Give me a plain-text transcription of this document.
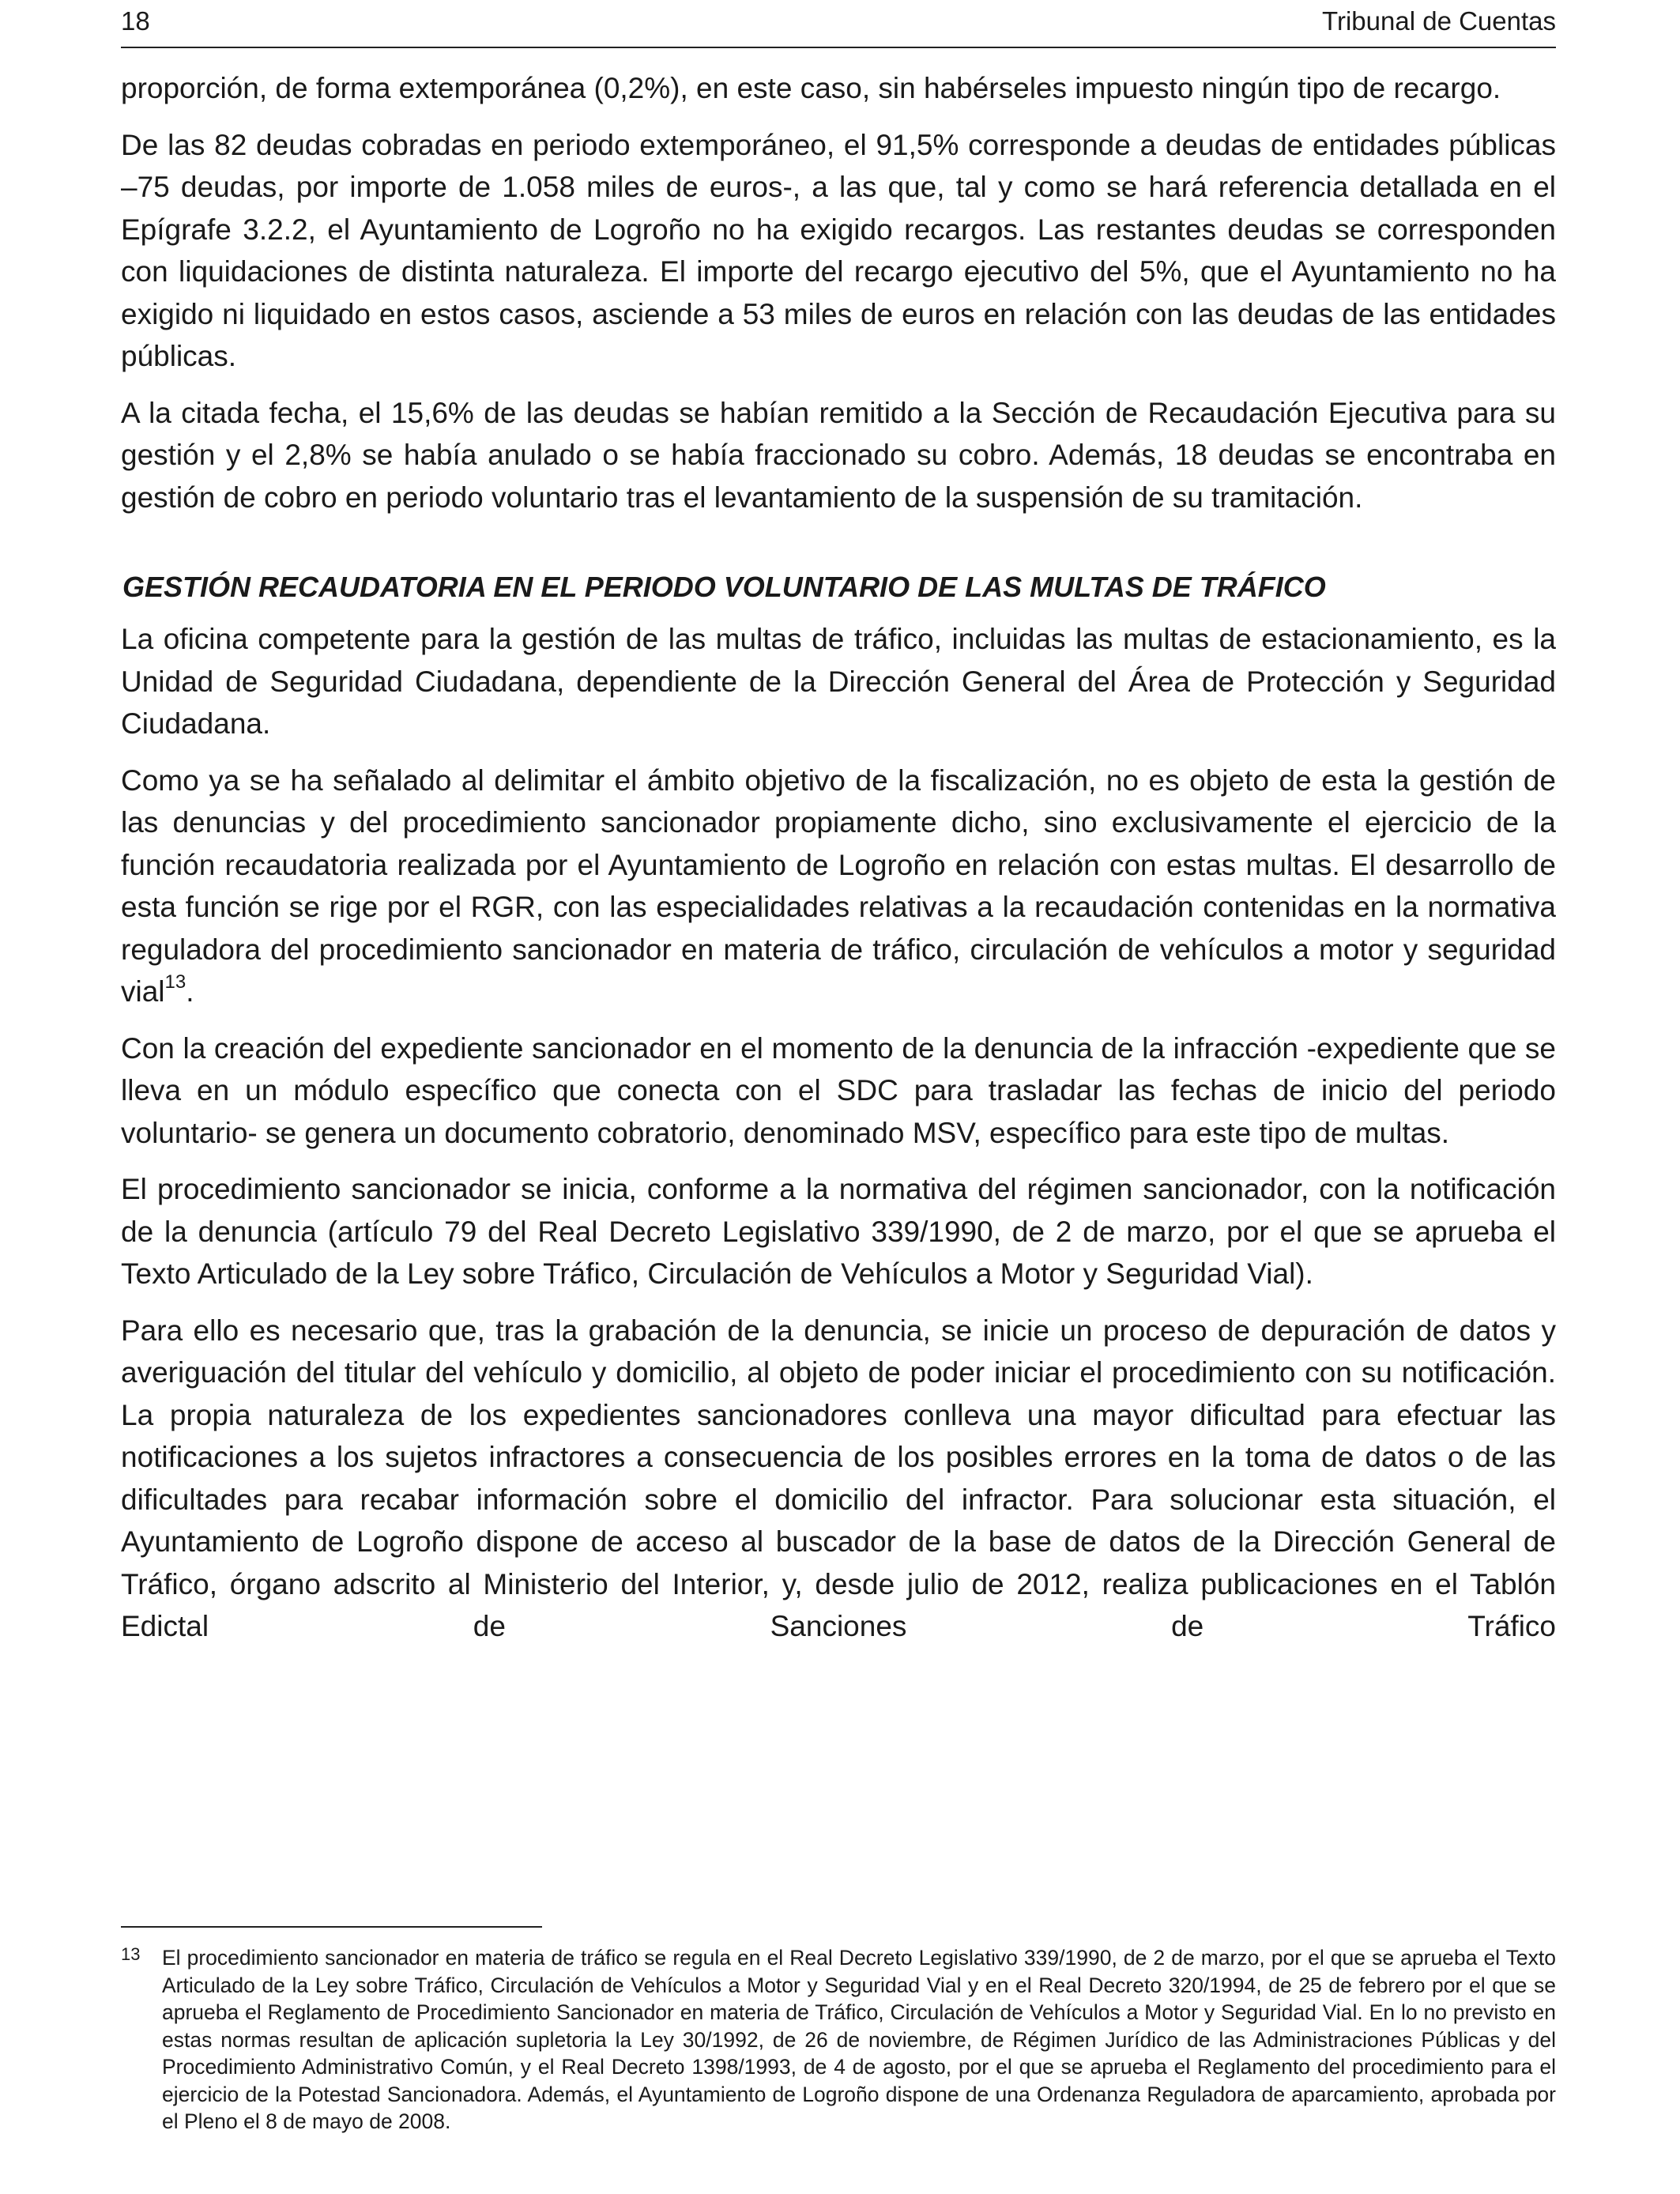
18	Tribunal de Cuentas

proporción, de forma extemporánea (0,2%), en este caso, sin habérseles impuesto ningún tipo de recargo.

De las 82 deudas cobradas en periodo extemporáneo, el 91,5% corresponde a deudas de entidades públicas –75 deudas, por importe de 1.058 miles de euros-, a las que, tal y como se hará referencia detallada en el Epígrafe 3.2.2, el Ayuntamiento de Logroño no ha exigido recargos. Las restantes deudas se corresponden con liquidaciones de distinta naturaleza. El importe del recargo ejecutivo del 5%, que el Ayuntamiento no ha exigido ni liquidado en estos casos, asciende a 53 miles de euros en relación con las deudas de las entidades públicas.

A la citada fecha, el 15,6% de las deudas se habían remitido a la Sección de Recaudación Ejecutiva para su gestión y el 2,8% se había anulado o se había fraccionado su cobro. Además, 18 deudas se encontraba en gestión de cobro en periodo voluntario tras el levantamiento de la suspensión de su tramitación.

GESTIÓN RECAUDATORIA EN EL PERIODO VOLUNTARIO DE LAS MULTAS DE TRÁFICO

La oficina competente para la gestión de las multas de tráfico, incluidas las multas de estacionamiento, es la Unidad de Seguridad Ciudadana, dependiente de la Dirección General del Área de Protección y Seguridad Ciudadana.

Como ya se ha señalado al delimitar el ámbito objetivo de la fiscalización, no es objeto de esta la gestión de las denuncias y del procedimiento sancionador propiamente dicho, sino exclusivamente el ejercicio de la función recaudatoria realizada por el Ayuntamiento de Logroño en relación con estas multas. El desarrollo de esta función se rige por el RGR, con las especialidades relativas a la recaudación contenidas en la normativa reguladora del procedimiento sancionador en materia de tráfico, circulación de vehículos a motor y seguridad vial$^{13}$.

Con la creación del expediente sancionador en el momento de la denuncia de la infracción -expediente que se lleva en un módulo específico que conecta con el SDC para trasladar las fechas de inicio del periodo voluntario- se genera un documento cobratorio, denominado MSV, específico para este tipo de multas.

El procedimiento sancionador se inicia, conforme a la normativa del régimen sancionador, con la notificación de la denuncia (artículo 79 del Real Decreto Legislativo 339/1990, de 2 de marzo, por el que se aprueba el Texto Articulado de la Ley sobre Tráfico, Circulación de Vehículos a Motor y Seguridad Vial).

Para ello es necesario que, tras la grabación de la denuncia, se inicie un proceso de depuración de datos y averiguación del titular del vehículo y domicilio, al objeto de poder iniciar el procedimiento con su notificación. La propia naturaleza de los expedientes sancionadores conlleva una mayor dificultad para efectuar las notificaciones a los sujetos infractores a consecuencia de los posibles errores en la toma de datos o de las dificultades para recabar información sobre el domicilio del infractor. Para solucionar esta situación, el Ayuntamiento de Logroño dispone de acceso al buscador de la base de datos de la Dirección General de Tráfico, órgano adscrito al Ministerio del Interior, y, desde julio de 2012, realiza publicaciones en el Tablón Edictal de Sanciones de Tráfico

13 El procedimiento sancionador en materia de tráfico se regula en el Real Decreto Legislativo 339/1990, de 2 de marzo, por el que se aprueba el Texto Articulado de la Ley sobre Tráfico, Circulación de Vehículos a Motor y Seguridad Vial y en el Real Decreto 320/1994, de 25 de febrero por el que se aprueba el Reglamento de Procedimiento Sancionador en materia de Tráfico, Circulación de Vehículos a Motor y Seguridad Vial. En lo no previsto en estas normas resultan de aplicación supletoria la Ley 30/1992, de 26 de noviembre, de Régimen Jurídico de las Administraciones Públicas y del Procedimiento Administrativo Común, y el Real Decreto 1398/1993, de 4 de agosto, por el que se aprueba el Reglamento del procedimiento para el ejercicio de la Potestad Sancionadora. Además, el Ayuntamiento de Logroño dispone de una Ordenanza Reguladora de aparcamiento, aprobada por el Pleno el 8 de mayo de 2008.
